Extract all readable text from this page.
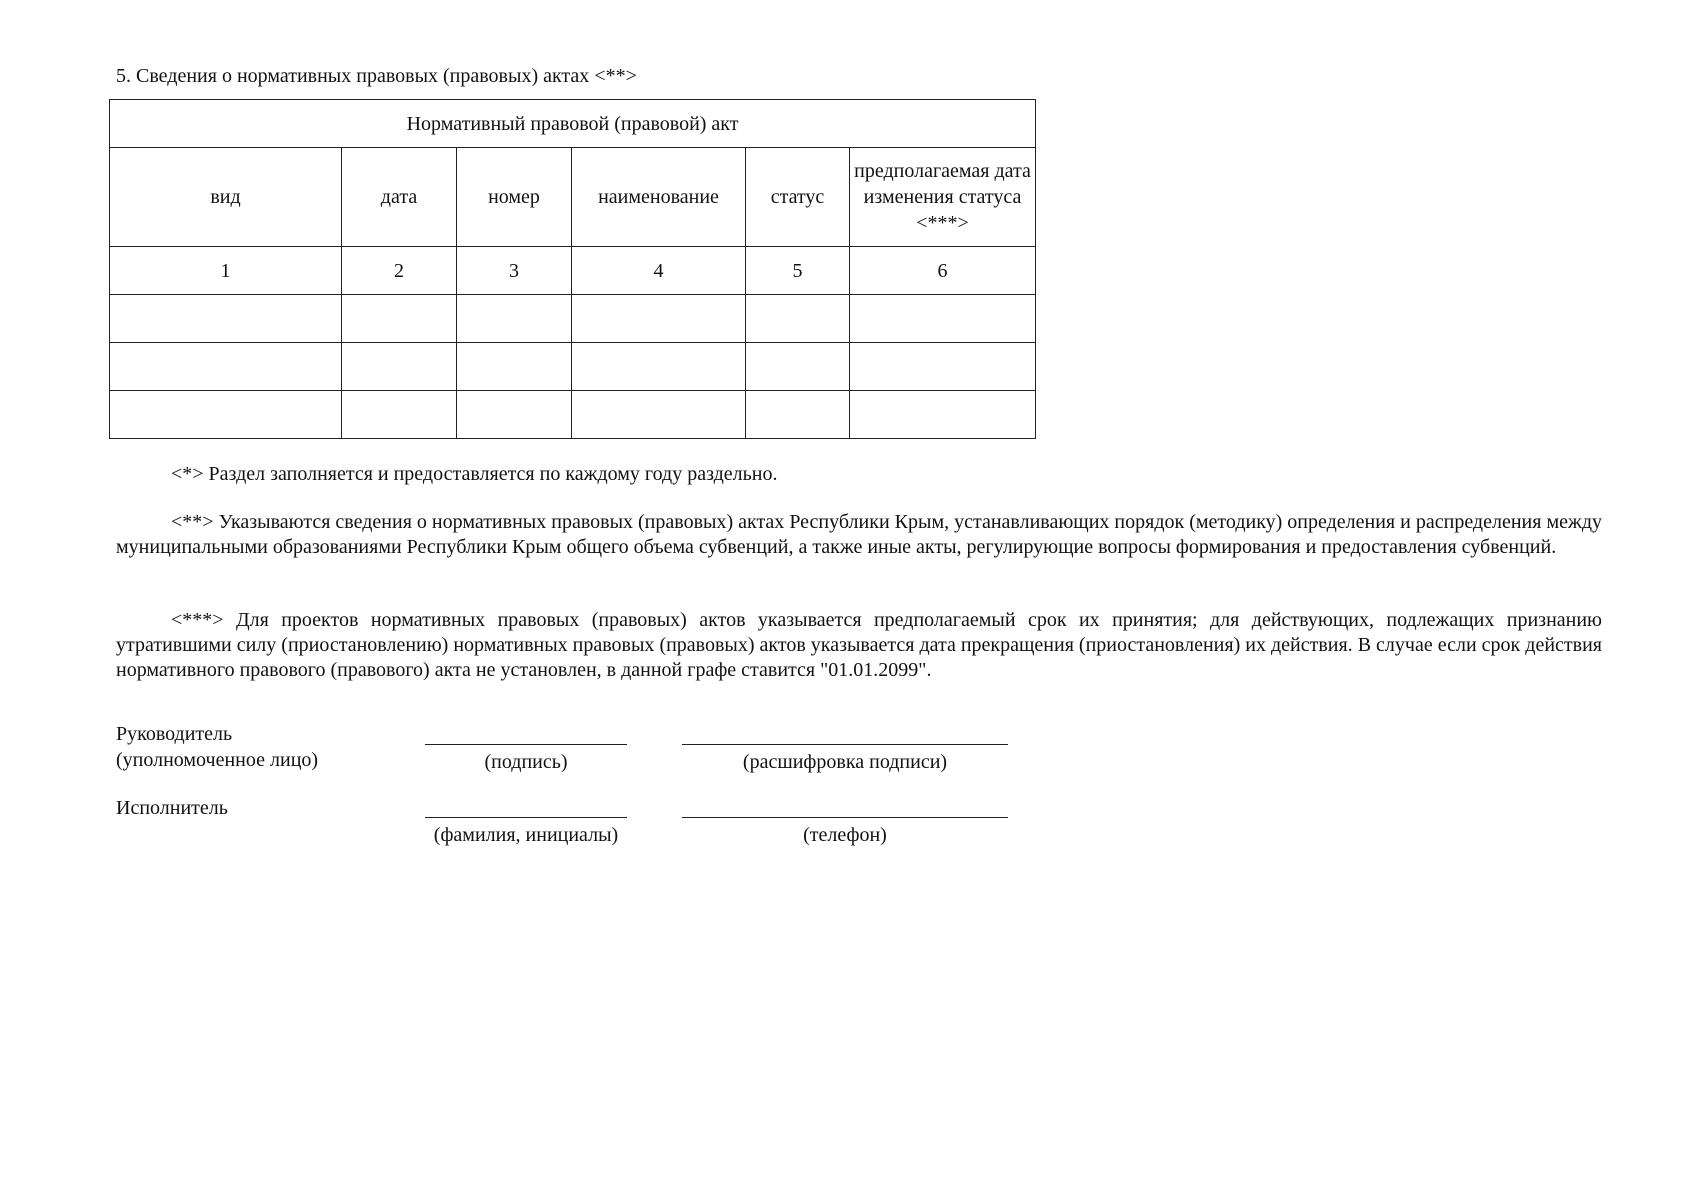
5. Сведения о нормативных правовых (правовых) актах <**>
Нормативный правовой (правовой) акт					
вид	дата	номер	наименование	статус	предполагаемая дата изменения статуса <***>
1	2	3	4	5	6

<*> Раздел заполняется и предоставляется по каждому году раздельно.
<**> Указываются сведения о нормативных правовых (правовых) актах Республики Крым, устанавливающих порядок (методику) определения и распределения между муниципальными образованиями Республики Крым общего объема субвенций, а также иные акты, регулирующие вопросы формирования и предоставления субвенций.
<***> Для проектов нормативных правовых (правовых) актов указывается предполагаемый срок их принятия; для действующих, подлежащих признанию утратившими силу (приостановлению) нормативных правовых (правовых) актов указывается дата прекращения (приостановления) их действия. В случае если срок действия нормативного правового (правового) акта не установлен, в данной графе ставится "01.01.2099".
Руководитель
(уполномоченное лицо)	(подпись)	(расшифровка подписи)
Исполнитель
(фамилия, инициалы)	(телефон)
